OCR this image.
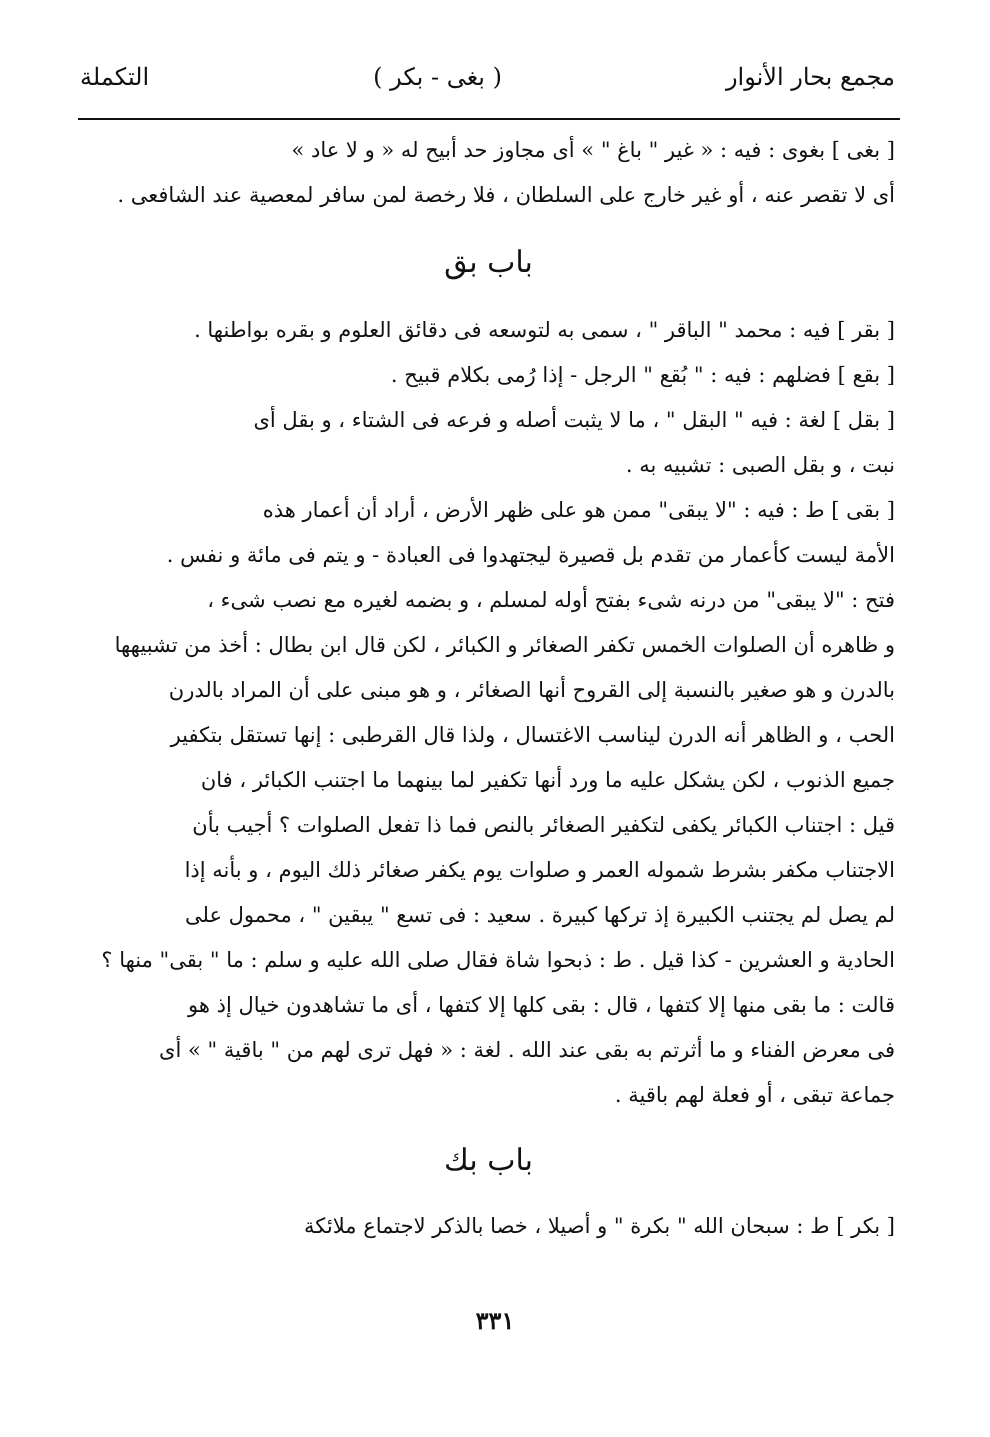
مجمع بحار الأنوار
( بغى - بكر )
التكملة
[ بغى ] بغوى : فيه : « غير " باغ " » أى مجاوز حد أبيح له « و لا عاد »
أى لا تقصر عنه ، أو غير خارج على السلطان ، فلا رخصة لمن سافر لمعصية عند الشافعى .
باب بق
[ بقر ] فيه : محمد " الباقر " ، سمى به لتوسعه فى دقائق العلوم و بقره بواطنها .
[ بقع ] فضلهم : فيه : " بُقع " الرجل - إذا رُمى بكلام قبيح .
[ بقل ] لغة : فيه " البقل " ، ما لا يثبت أصله و فرعه فى الشتاء ، و بقل أى
نبت ، و بقل الصبى : تشبيه به .
[ بقى ] ط : فيه : "لا يبقى" ممن هو على ظهر الأرض ، أراد أن أعمار هذه
الأمة ليست كأعمار من تقدم بل قصيرة ليجتهدوا فى العبادة - و يتم فى مائة و نفس .
فتح : "لا يبقى" من درنه شىء بفتح أوله لمسلم ، و بضمه لغيره مع نصب شىء ،
و ظاهره أن الصلوات الخمس تكفر الصغائر و الكبائر ، لكن قال ابن بطال : أخذ من تشبيهها
بالدرن و هو صغير بالنسبة إلى القروح أنها الصغائر ، و هو مبنى على أن المراد بالدرن
الحب ، و الظاهر أنه الدرن ليناسب الاغتسال ، ولذا قال القرطبى : إنها تستقل بتكفير
جميع الذنوب ، لكن يشكل عليه ما ورد أنها تكفير لما بينهما ما اجتنب الكبائر ، فان
قيل : اجتناب الكبائر يكفى لتكفير الصغائر بالنص فما ذا تفعل الصلوات ؟ أجيب بأن
الاجتناب مكفر بشرط شموله العمر و صلوات يوم يكفر صغائر ذلك اليوم ، و بأنه إذا
لم يصل لم يجتنب الكبيرة إذ تركها كبيرة . سعيد : فى تسع " يبقين " ، محمول على
الحادية و العشرين - كذا قيل . ط : ذبحوا شاة فقال صلى الله عليه و سلم : ما " بقى" منها ؟
قالت : ما بقى منها إلا كتفها ، قال : بقى كلها إلا كتفها ، أى ما تشاهدون خيال إذ هو
فى معرض الفناء و ما أثرتم به بقى عند الله . لغة : « فهل ترى لهم من " باقية " » أى
جماعة تبقى ، أو فعلة لهم باقية .
باب بك
[ بكر ] ط : سبحان الله " بكرة " و أصيلا ، خصا بالذكر لاجتماع ملائكة
٣٣١
